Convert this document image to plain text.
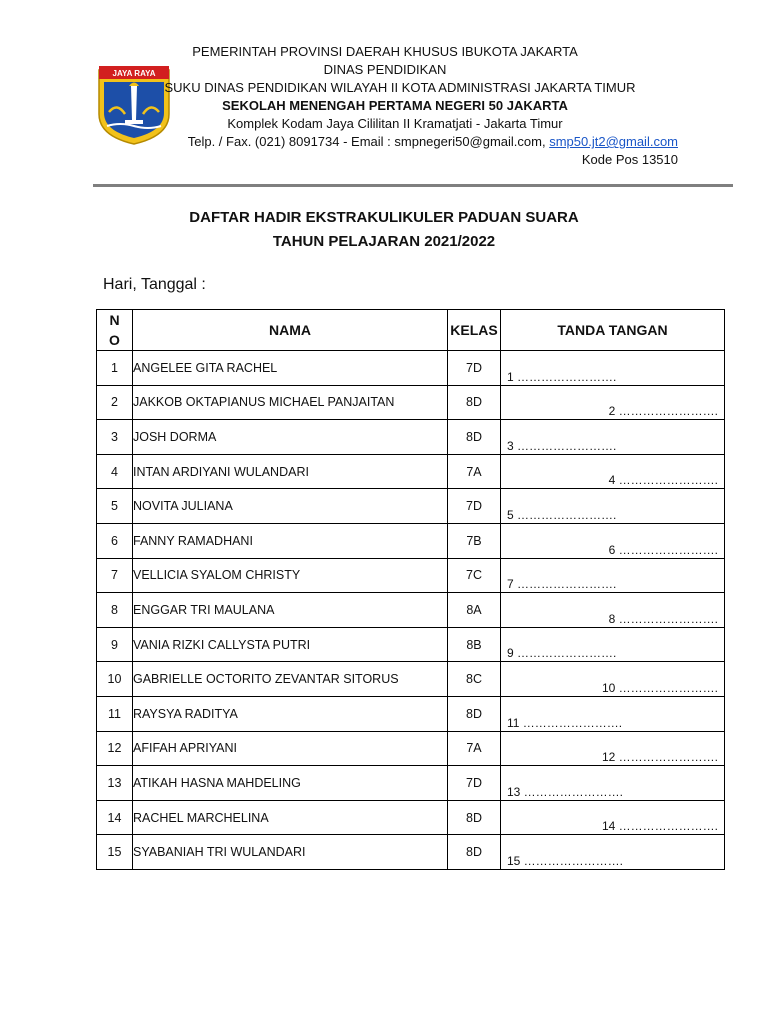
JAYA RAYA
PEMERINTAH PROVINSI DAERAH KHUSUS IBUKOTA JAKARTA
DINAS PENDIDIKAN
SUKU DINAS PENDIDIKAN WILAYAH II KOTA ADMINISTRASI JAKARTA TIMUR
SEKOLAH MENENGAH PERTAMA NEGERI 50 JAKARTA
Komplek Kodam Jaya Cililitan II Kramatjati - Jakarta Timur
Telp. / Fax. (021) 8091734 - Email : smpnegeri50@gmail.com, smp50.jt2@gmail.com
Kode Pos 13510
DAFTAR HADIR EKSTRAKULIKULER PADUAN SUARA
TAHUN PELAJARAN 2021/2022
Hari, Tanggal :
N
O	NAMA	KELAS	TANDA TANGAN
1	ANGELEE GITA RACHEL	7D	1 …………………….

2	JAKKOB OKTAPIANUS MICHAEL PANJAITAN	8D	2 …………………….

3	JOSH DORMA	8D	3 …………………….

4	INTAN ARDIYANI WULANDARI	7A	4 …………………….

5	NOVITA JULIANA	7D	5 …………………….

6	FANNY RAMADHANI	7B	6 …………………….

7	VELLICIA SYALOM CHRISTY	7C	7 …………………….

8	ENGGAR TRI MAULANA	8A	8 …………………….

9	VANIA RIZKI CALLYSTA PUTRI	8B	9 …………………….

10	GABRIELLE OCTORITO ZEVANTAR SITORUS	8C	10 …………………….

11	RAYSYA RADITYA	8D	11 …………………….

12	AFIFAH APRIYANI	7A	12 …………………….

13	ATIKAH HASNA MAHDELING	7D	13 …………………….

14	RACHEL MARCHELINA	8D	14 …………………….

15	SYABANIAH TRI WULANDARI	8D	15 …………………….
